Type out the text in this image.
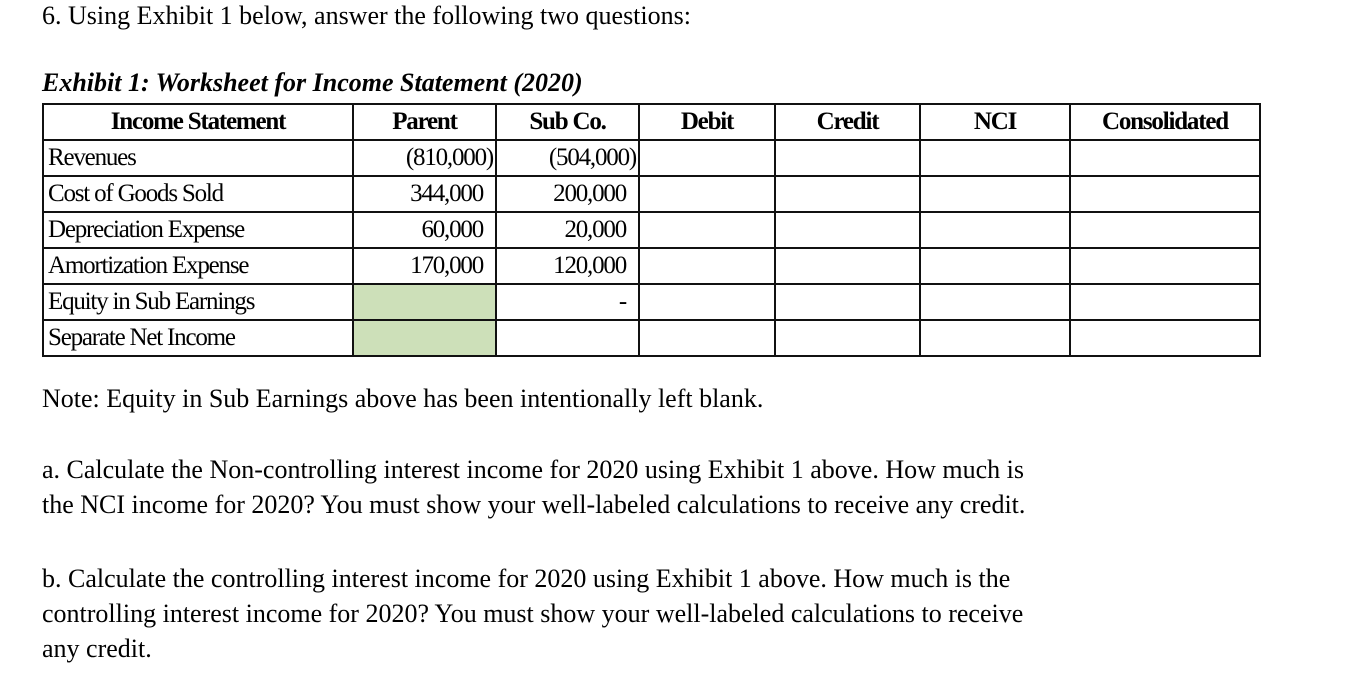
6. Using Exhibit 1 below, answer the following two questions:
Exhibit 1: Worksheet for Income Statement (2020)
Income Statement	Parent	Sub Co.	Debit	Credit	NCI	Consolidated
Revenues	(810,000)	(504,000)				
Cost of Goods Sold	344,000	200,000				
Depreciation Expense	60,000	20,000				
Amortization Expense	170,000	120,000				
Equity in Sub Earnings		-				
Separate Net Income						
Note: Equity in Sub Earnings above has been intentionally left blank.
a. Calculate the Non-controlling interest income for 2020 using Exhibit 1 above. How much is
the NCI income for 2020? You must show your well-labeled calculations to receive any credit.
b. Calculate the controlling interest income for 2020 using Exhibit 1 above. How much is the
controlling interest income for 2020? You must show your well-labeled calculations to receive
any credit.
